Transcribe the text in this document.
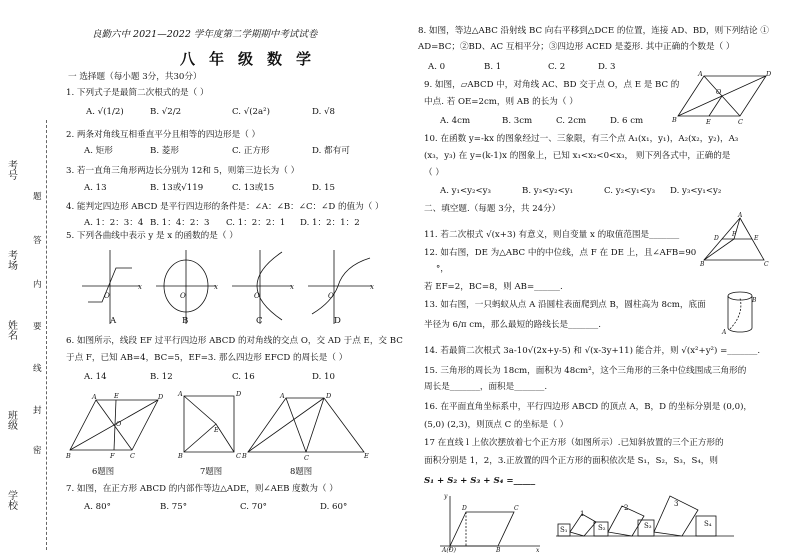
考号
考场
姓名
班级
学校
题
答
内
要
线
封
密
良勤六中 2021—2022 学年度第二学期期中考试试卷
八年级数学
一 选择题（每小题 3分，共30分）
1. 下列式子是最简二次根式的是（ ）
A. √(1/2)	B. √2/2	C. √(2a²)	D. √8
2. 两条对角线互相垂直平分且相等的四边形是（ ）
A. 矩形	B. 菱形	C. 正方形	D. 都有可
3. 若一直角三角形两边长分别为 12和 5，则第三边长为（ ）
A. 13	B. 13或√119	C. 13或15	D. 15
4. 能判定四边形 ABCD 是平行四边形的条件是：∠A：∠B：∠C：∠D 的值为（ ）
A. 1：2：3：4 B. 1：4：2：3 C. 1：2：2：1 D. 1：2：1：2
5. 下列各曲线中表示 y 是 x 的函数的是（ ）
O
x
O
x
O
x
O
x
A	B	C	D
6. 如图所示，线段 EF 过平行四边形 ABCD 的对角线的交点 O，交 AD 于点 E，交 BC
于点 F，已知 AB=4，BC=5，EF=3. 那么四边形 EFCD 的周长是（ ）
A. 14	B. 12	C. 16	D. 10
A	E	D
B	F C
O
A	D
B	C
E
A	D
B	C	E
6题图	7题图	8题图
7. 如图，在正方形 ABCD 的内部作等边△ADE，则∠AEB 度数为（ ）
A. 80°	B. 75°	C. 70°	D. 60°
8. 如图，等边△ABC 沿射线 BC 向右平移到△DCE 的位置，连接 AD、BD，则下列结论 ①
AD=BC；②BD、AC 互相平分；③四边形 ACED 是菱形. 其中正确的个数是（ ）
A. 0	B. 1	C. 2	D. 3
9. 如图，▱ABCD 中，对角线 AC、BD 交于点 O，点 E 是 BC 的
中点. 若 OE=2cm，则 AB 的长为（ ）
A. 4cm	B. 3cm	C. 2cm	D. 6 cm
A	D
O
B	E	C
10. 在函数 y=-kx 的图象经过一、三象限，有三个点 A₁(x₁，y₁)，A₂(x₂，y₂)，A₃
(x₃，y₃) 在 y=(k-1)x 的图象上，已知 x₁<x₂<0<x₃， 则下列各式中，正确的是
（ ）
A. y₁<y₂<y₃	B. y₃<y₂<y₁	C. y₂<y₁<y₃ D. y₃<y₁<y₂
二、填空题.（每题 3分，共 24分）
11. 若二次根式 √(x+3) 有意义，则自变量 x 的取值范围是_______
12. 如右图，DE 为△ABC 中的中位线，点 F 在 DE 上，且∠AFB=90
°，
若 EF=2，BC=8，则 AB=______.
A
D
F
E
B	C
13. 如右图，一只蚂蚁从点 A 沿圆柱表面爬到点 B，圆柱高为 8cm，底面
半径为 6/π cm，那么最短的路线长是_______.
A
B
14. 若最简二次根式 3a-10√(2x+y-5) 和 √(x-3y+11) 能合并，则 √(x²+y²) =_______.
15. 三角形的周长为 18cm，面积为 48cm²，这个三角形的三条中位线围成三角形的
周长是_______，面积是_______.
16. 在平面直角坐标系中，平行四边形 ABCD 的顶点 A，B，D 的坐标分别是 (0,0)，
(5,0) (2,3)，则顶点 C 的坐标是（ ）
17 在直线 l 上依次摆放着七个正方形（如图所示）.已知斜放置的三个正方形的
面积分别是 1，2，3.正放置的四个正方形的面积依次是 S₁，S₂，S₃，S₄，则
S₁ + S₂ + S₃ + S₄ =_____
y
x
A(O)
D	C
B
S₁	S₂	S₃	S₄
1
2	3
